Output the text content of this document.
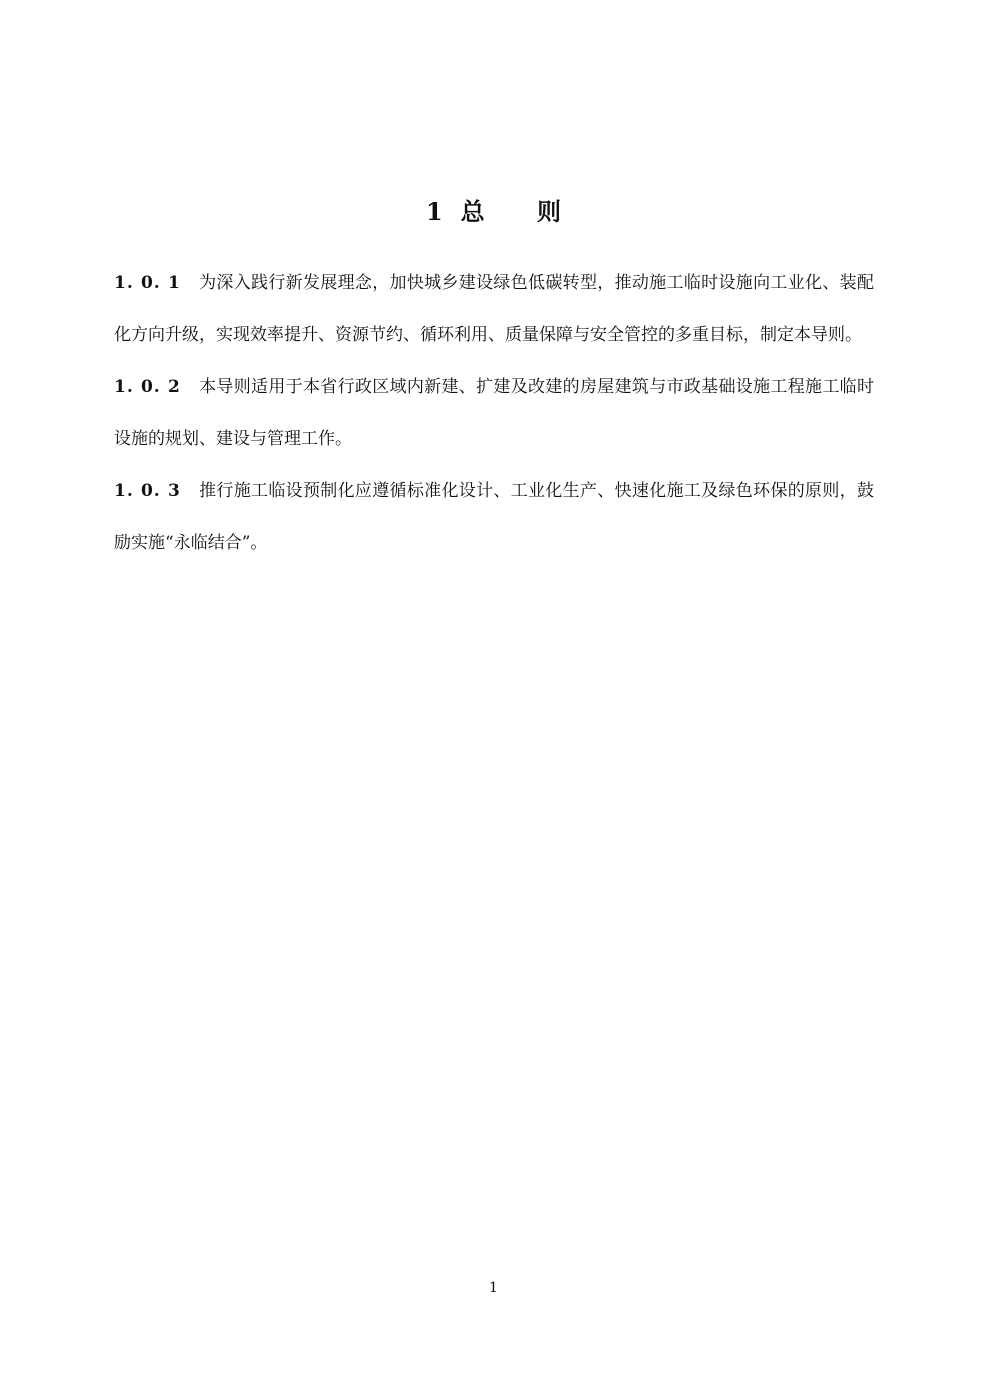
1 总 则

1. 0. 1 为深入践行新发展理念，加快城乡建设绿色低碳转型，推动施工临时设施向工业化、装配化方向升级，实现效率提升、资源节约、循环利用、质量保障与安全管控的多重目标，制定本导则。

1. 0. 2 本导则适用于本省行政区域内新建、扩建及改建的房屋建筑与市政基础设施工程施工临时设施的规划、建设与管理工作。

1. 0. 3 推行施工临设预制化应遵循标准化设计、工业化生产、快速化施工及绿色环保的原则，鼓励实施“永临结合”。

1
